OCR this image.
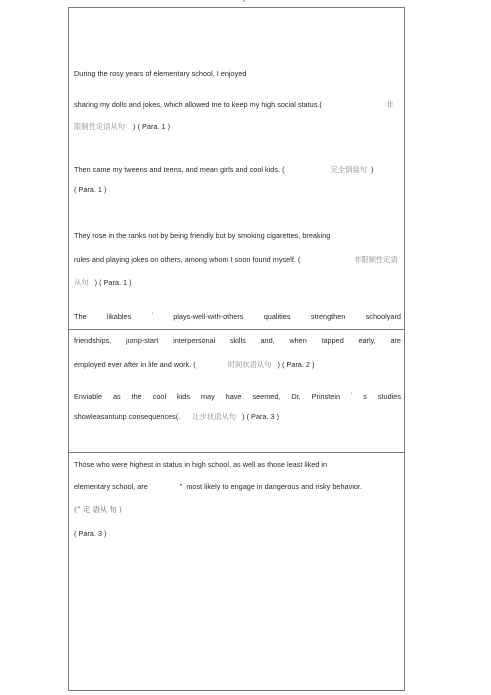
During the rosy years of elementary school, I enjoyed
sharing my dolls and jokes, which allowed me to keep my high social status.(	非
限制性定语从句 ) ( Para. 1 )
Then came my tweens and teens, and mean girls and cool kids. (	完全倒装句 )
( Para. 1 )
They rose in the ranks not by being friendly but by smoking cigarettes, breaking
rules and playing jokes on others, among whom I soon found myself. (	非限制性定语
从句 ) ( Para. 1 )
The	likables	’	plays-well-with-others	qualities	strengthen	schoolyard
friendships, jump-start interpersonal skills and, when tapped early, are
employed ever after in life and work. (	时间状语从句 ) ( Para. 2 )
Enviable as the cool kids may have seemed, Dr. Prinstein ’ s studies
showleasantunp consequences(. 让步状语从句 ) ( Para. 3 )
Those who were highest in status in high school, as well as those least liked in
elementary school, are	” most likely to engage in dangerous and risky behavior.
(” 定 语从 句 )
( Para. 3 )
